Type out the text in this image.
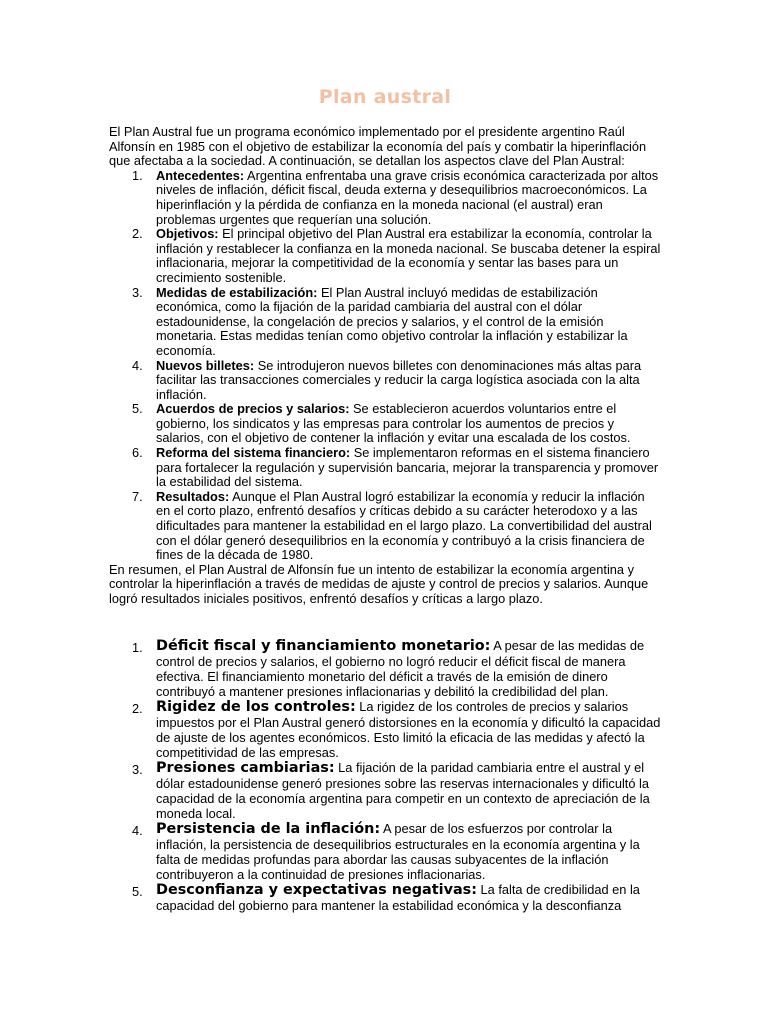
Plan austral

El Plan Austral fue un programa económico implementado por el presidente argentino Raúl Alfonsín en 1985 con el objetivo de estabilizar la economía del país y combatir la hiperinflación que afectaba a la sociedad. A continuación, se detallan los aspectos clave del Plan Austral:

1. Antecedentes: Argentina enfrentaba una grave crisis económica caracterizada por altos niveles de inflación, déficit fiscal, deuda externa y desequilibrios macroeconómicos. La hiperinflación y la pérdida de confianza en la moneda nacional (el austral) eran problemas urgentes que requerían una solución.
2. Objetivos: El principal objetivo del Plan Austral era estabilizar la economía, controlar la inflación y restablecer la confianza en la moneda nacional. Se buscaba detener la espiral inflacionaria, mejorar la competitividad de la economía y sentar las bases para un crecimiento sostenible.
3. Medidas de estabilización: El Plan Austral incluyó medidas de estabilización económica, como la fijación de la paridad cambiaria del austral con el dólar estadounidense, la congelación de precios y salarios, y el control de la emisión monetaria. Estas medidas tenían como objetivo controlar la inflación y estabilizar la economía.
4. Nuevos billetes: Se introdujeron nuevos billetes con denominaciones más altas para facilitar las transacciones comerciales y reducir la carga logística asociada con la alta inflación.
5. Acuerdos de precios y salarios: Se establecieron acuerdos voluntarios entre el gobierno, los sindicatos y las empresas para controlar los aumentos de precios y salarios, con el objetivo de contener la inflación y evitar una escalada de los costos.
6. Reforma del sistema financiero: Se implementaron reformas en el sistema financiero para fortalecer la regulación y supervisión bancaria, mejorar la transparencia y promover la estabilidad del sistema.
7. Resultados: Aunque el Plan Austral logró estabilizar la economía y reducir la inflación en el corto plazo, enfrentó desafíos y críticas debido a su carácter heterodoxo y a las dificultades para mantener la estabilidad en el largo plazo. La convertibilidad del austral con el dólar generó desequilibrios en la economía y contribuyó a la crisis financiera de fines de la década de 1980.

En resumen, el Plan Austral de Alfonsín fue un intento de estabilizar la economía argentina y controlar la hiperinflación a través de medidas de ajuste y control de precios y salarios. Aunque logró resultados iniciales positivos, enfrentó desafíos y críticas a largo plazo.

1. Déficit fiscal y financiamiento monetario: A pesar de las medidas de control de precios y salarios, el gobierno no logró reducir el déficit fiscal de manera efectiva. El financiamiento monetario del déficit a través de la emisión de dinero contribuyó a mantener presiones inflacionarias y debilitó la credibilidad del plan.
2. Rigidez de los controles: La rigidez de los controles de precios y salarios impuestos por el Plan Austral generó distorsiones en la economía y dificultó la capacidad de ajuste de los agentes económicos. Esto limitó la eficacia de las medidas y afectó la competitividad de las empresas.
3. Presiones cambiarias: La fijación de la paridad cambiaria entre el austral y el dólar estadounidense generó presiones sobre las reservas internacionales y dificultó la capacidad de la economía argentina para competir en un contexto de apreciación de la moneda local.
4. Persistencia de la inflación: A pesar de los esfuerzos por controlar la inflación, la persistencia de desequilibrios estructurales en la economía argentina y la falta de medidas profundas para abordar las causas subyacentes de la inflación contribuyeron a la continuidad de presiones inflacionarias.
5. Desconfianza y expectativas negativas: La falta de credibilidad en la capacidad del gobierno para mantener la estabilidad económica y la desconfianza
